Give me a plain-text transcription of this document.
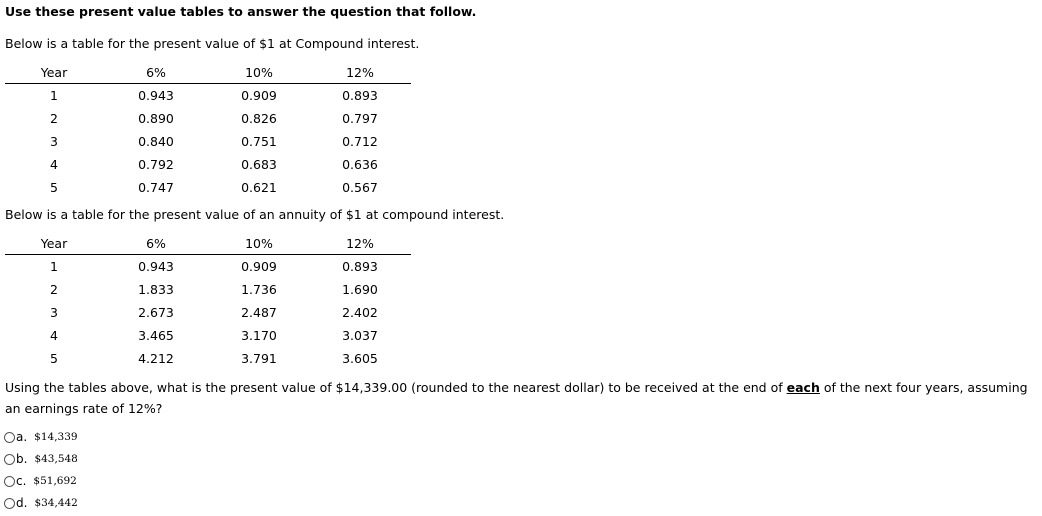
Use these present value tables to answer the question that follow.
Below is a table for the present value of $1 at Compound interest.
Year	6%	10%	12%
1	0.943	0.909	0.893
2	0.890	0.826	0.797
3	0.840	0.751	0.712
4	0.792	0.683	0.636
5	0.747	0.621	0.567
Below is a table for the present value of an annuity of $1 at compound interest.
Year	6%	10%	12%
1	0.943	0.909	0.893
2	1.833	1.736	1.690
3	2.673	2.487	2.402
4	3.465	3.170	3.037
5	4.212	3.791	3.605
Using the tables above, what is the present value of $14,339.00 (rounded to the nearest dollar) to be received at the end of each of the next four years, assuming an earnings rate of 12%?
a. $14,339
b. $43,548
c. $51,692
d. $34,442
